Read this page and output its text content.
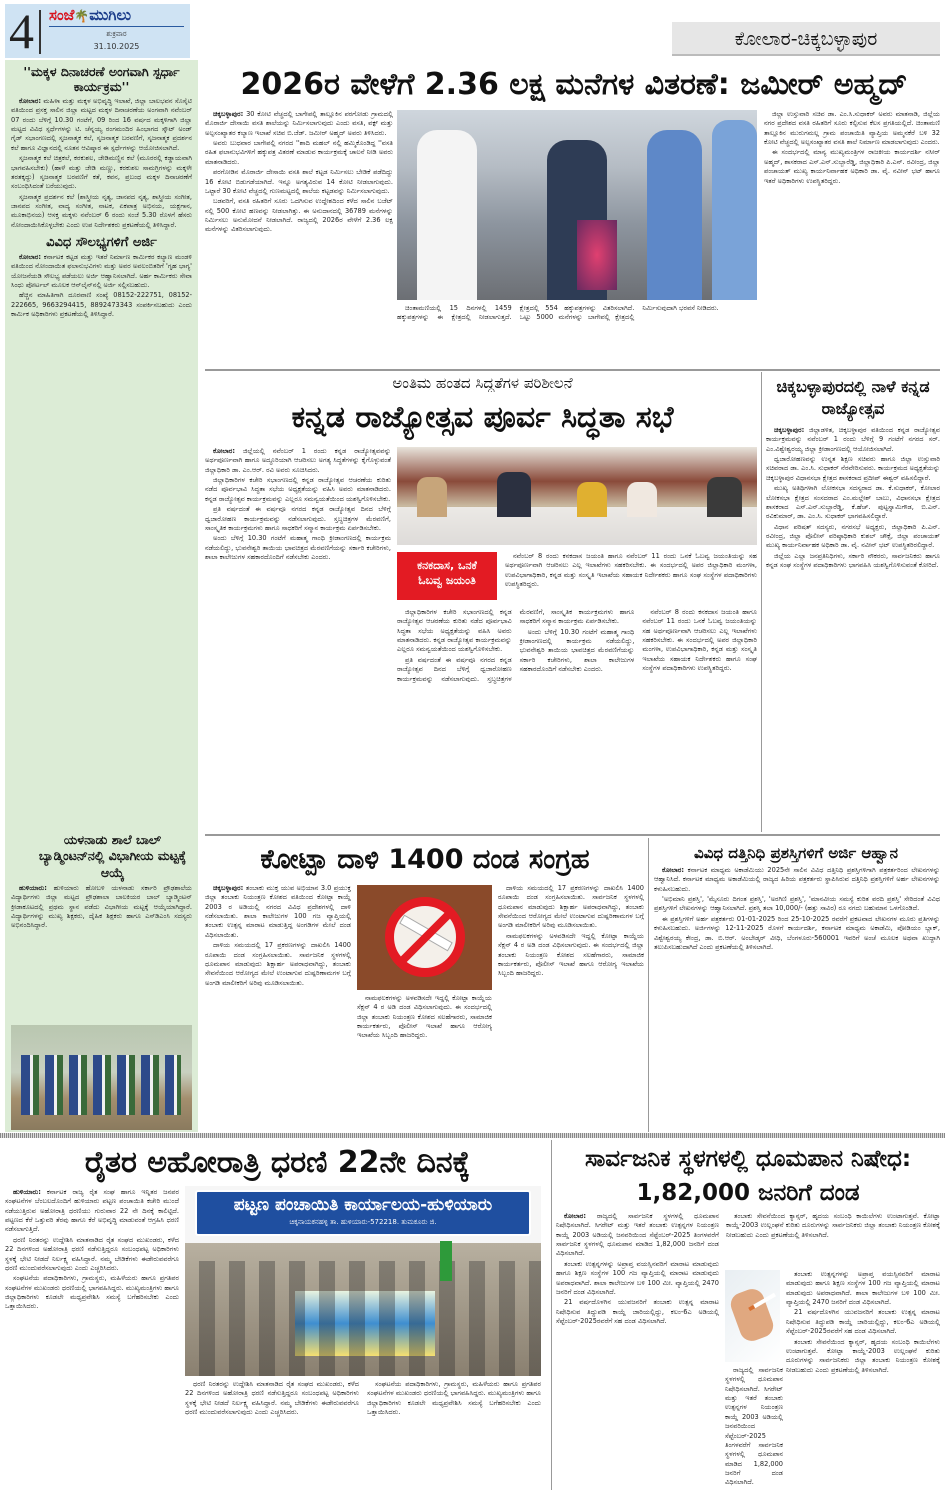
4 ಸಂಜೆ🌴ಮುಗಿಲು
ಶುಕ್ರವಾರ
31.10.2025	ಕೋಲಾರ-ಚಿಕ್ಕಬಳ್ಳಾಪುರ
''ಮಕ್ಕಳ ದಿನಾಚರಣೆ ಅಂಗವಾಗಿ ಸ್ಪರ್ಧಾ ಕಾರ್ಯಕ್ರಮ''

ಕೋಲಾರ: ಮಹಿಳಾ ಮತ್ತು ಮಕ್ಕಳ ಅಭಿವೃದ್ಧಿ ಇಲಾಖೆ, ಜಿಲ್ಲಾ ಬಾಲಭವನ ಸೊಸೈಟಿ ವತಿಯಿಂದ ಪ್ರಸಕ್ತ ಸಾಲಿನ ಜಿಲ್ಲಾ ಮಟ್ಟದ ಮಕ್ಕಳ ದಿನಾಚರಣೆಯ ಅಂಗವಾಗಿ ನವೆಂಬರ್ 07 ರಂದು ಬೆಳಿಗ್ಗೆ 10.30 ಗಂಟೆಗೆ, 09 ರಿಂದ 16 ವರ್ಷದ ಮಕ್ಕಳಿಗಾಗಿ ಜಿಲ್ಲಾ ಮಟ್ಟದ ವಿವಿಧ ಸ್ಪರ್ಧೆಗಳನ್ನು ಟಿ. ಚೆನ್ನಯ್ಯ ರಂಗಮಂದಿರ ಹಿಂಭಾಗದ ಸ್ಕೌಟ್ ಅಂಡ್ ಗೈಡ್ ಸಭಾಂಗಣದಲ್ಲಿ ಸೃಜನಾತ್ಮಕ ಕಲೆ, ಸೃಜನಾತ್ಮಕ ಬರವಣಿಗೆ, ಸೃಜನಾತ್ಮಕ ಪ್ರದರ್ಶನ ಕಲೆ ಹಾಗೂ ವಿಜ್ಞಾನದಲ್ಲಿ ನೂತನ ಆವಿಷ್ಕಾರ ಈ ಸ್ಪರ್ಧೆಗಳನ್ನು ಆಯೋಜಿಸಲಾಗಿದೆ.

ಸೃಜನಾತ್ಮಕ ಕಲೆ ಚಿತ್ರಕಲೆ, ಕರಕುಶಲ, ಜೇಡಿಮಣ್ಣಿನ ಕಲೆ (ಮೂರರಲ್ಲಿ ಕಡ್ಡಾಯವಾಗಿ ಭಾಗವಹಿಸಬೇಕು) (ಹಾಳೆ ಮತ್ತು ಜೇಡಿ ಮಣ್ಣು, ಕರಕುಶಲ ಸಾಮಗ್ರಿಗಳನ್ನು ಮಕ್ಕಳೇ ತರತಕ್ಕದ್ದು) ಸೃಜನಾತ್ಮಕ ಬರವಣಿಗೆ ಕತೆ, ಕವನ, ಪ್ರಬಂಧ ಮಕ್ಕಳ ದಿನಾಚರಣೆಗೆ ಸಂಬಂಧಿಸಿದಂತೆ ಬರೆಯುವುದು.

ಸೃಜನಾತ್ಮಕ ಪ್ರದರ್ಶನ ಕಲೆ (ಶಾಸ್ತ್ರೀಯ ನೃತ್ಯ, ಜಾನಪದ ನೃತ್ಯ, ಶಾಸ್ತ್ರೀಯ ಸಂಗೀತ, ಜಾನಪದ ಸಂಗೀತ, ವಾದ್ಯ ಸಂಗೀತ, ನಾಟಕ, ಏಕಪಾತ್ರ ಅಭಿನಯ, ಯಕ್ಷಗಾನ, ಮೂಕಾಭಿನಯ) ಆಸಕ್ತ ಮಕ್ಕಳು ನವೆಂಬರ್ 6 ರಂದು ಸಂಜೆ 5.30 ರೊಳಗೆ ಹೆಸರು ನೋಂದಾಯಿಸಿಕೊಳ್ಳಬೇಕು ಎಂದು ಉಪ ನಿರ್ದೇಶಕರು ಪ್ರಕಟಣೆಯಲ್ಲಿ ತಿಳಿಸಿದ್ದಾರೆ.

ವಿವಿಧ ಸೌಲಭ್ಯಗಳಿಗೆ ಅರ್ಜಿ

ಕೋಲಾರ: ಕರ್ನಾಟಕ ಕಟ್ಟಡ ಮತ್ತು ಇತರೆ ನಿರ್ಮಾಣ ಕಾರ್ಮಿಕರ ಕಲ್ಯಾಣ ಮಂಡಳಿ ವತಿಯಿಂದ ನೋಂದಾಯಿತ ಫಲಾನುಭವಿಗಳು ಮತ್ತು ಅವರ ಅವಲಂಬಿತರಿಗೆ 'ಗೃಹ ಭಾಗ್ಯ' ಯೋಜನೆಯಡಿ ಸೌಲಭ್ಯ ಪಡೆಯಲು ಅರ್ಜಿ ಆಹ್ವಾನಿಸಲಾಗಿದೆ. ಅರ್ಹ ಕಾರ್ಮಿಕರು ಸೇವಾ ಸಿಂಧು ಪೋರ್ಟಲ್ ಮೂಲಕ ಆನ್‌ಲೈನ್‌ನಲ್ಲಿ ಅರ್ಜಿ ಸಲ್ಲಿಸಬಹುದು.

ಹೆಚ್ಚಿನ ಮಾಹಿತಿಗಾಗಿ ದೂರವಾಣಿ ಸಂಖ್ಯೆ 08152-222751, 08152-222665, 9663294415, 8892473343 ಸಂಪರ್ಕಿಸಬಹುದು ಎಂದು ಕಾರ್ಮಿಕ ಅಧಿಕಾರಿಗಳು ಪ್ರಕಟಣೆಯಲ್ಲಿ ತಿಳಿಸಿದ್ದಾರೆ.

ಯಳನಾಡು ಶಾಲೆ ಬಾಲ್ ಬ್ಯಾಡ್ಮಿಂಟನ್‌ನಲ್ಲಿ ವಿಭಾಗೀಯ ಮಟ್ಟಕ್ಕೆ ಆಯ್ಕೆ

ಹುಳಿಯಾರು: ಹುಳಿಯಾರು ಹೋಬಳಿ ಯಳನಾಡು ಸರ್ಕಾರಿ ಪ್ರೌಢಶಾಲೆಯ ವಿದ್ಯಾರ್ಥಿಗಳು ಜಿಲ್ಲಾ ಮಟ್ಟದ ಪ್ರೌಢಶಾಲಾ ಬಾಲಕಿಯರ ಬಾಲ್ ಬ್ಯಾಡ್ಮಿಂಟನ್ ಕ್ರೀಡಾಕೂಟದಲ್ಲಿ ಪ್ರಥಮ ಸ್ಥಾನ ಪಡೆದು ವಿಭಾಗೀಯ ಮಟ್ಟಕ್ಕೆ ಆಯ್ಕೆಯಾಗಿದ್ದಾರೆ. ವಿದ್ಯಾರ್ಥಿಗಳನ್ನು ಮುಖ್ಯ ಶಿಕ್ಷಕರು, ದೈಹಿಕ ಶಿಕ್ಷಕರು ಹಾಗೂ ಎಸ್‌ಡಿಎಂಸಿ ಸದಸ್ಯರು ಅಭಿನಂದಿಸಿದ್ದಾರೆ.

2026ರ ವೇಳೆಗೆ 2.36 ಲಕ್ಷ ಮನೆಗಳ ವಿತರಣೆ: ಜಮೀರ್ ಅಹ್ಮದ್

ಚಿಕ್ಕಬಳ್ಳಾಪುರ: 30 ಕೋಟಿ ವೆಚ್ಚದಲ್ಲಿ ಬಾಗೇಪಲ್ಲಿ ತಾಲ್ಲೂಕಿನ ಪರಗೋಡು ಗ್ರಾಮದಲ್ಲಿ ಮೊರಾರ್ಜಿ ದೇಸಾಯಿ ವಸತಿ ಶಾಲೆಯನ್ನು ನಿರ್ಮಿಸಲಾಗುವುದು ಎಂದು ವಸತಿ, ವಕ್ಫ್ ಮತ್ತು ಅಲ್ಪಸಂಖ್ಯಾತರ ಕಲ್ಯಾಣ ಇಲಾಖೆ ಸಚಿವ ಬಿ.ಜೆಡ್. ಜಮೀರ್ ಅಹ್ಮದ್ ಅವರು ತಿಳಿಸಿದರು.

ಅವರು ಬುಧವಾರ ಬಾಗೇಪಲ್ಲಿ ನಗರದ ''ಶಾದಿ ಮಹಲ್ ನಲ್ಲಿ ಹಮ್ಮಿಕೊಂಡಿದ್ದ ''ವಸತಿ ರಹಿತ ಫಲಾನುಭವಿಗಳಿಗೆ ಹಕ್ಕುಪತ್ರ ವಿತರಣೆ ಮಾಡುವ ಕಾರ್ಯಕ್ರಮಕ್ಕೆ ಚಾಲನೆ ನೀಡಿ ಅವರು ಮಾತನಾಡಿದರು.

ಪರಗೋಡಿನ ಮೊರಾರ್ಜಿ ದೇಸಾಯಿ ವಸತಿ ಶಾಲೆ ಕಟ್ಟಡ ನಿರ್ಮಿಸಲು ಬೇಡಿಕೆ ಪಡೆದಿದ್ದು 16 ಕೋಟಿ ಬಿಡುಗಡೆಯಾಗಿದೆ. ಇನ್ನೂ ಅಗತ್ಯವಿರುವ 14 ಕೋಟಿ ನೀಡಲಾಗುವುದು. ಒಟ್ಟಾರೆ 30 ಕೋಟಿ ವೆಚ್ಚದಲ್ಲಿ ಗುಣಮಟ್ಟದಲ್ಲಿ ಶಾಲೆಯ ಕಟ್ಟಡವನ್ನು ನಿರ್ಮಿಸಲಾಗುವುದು.

ಬಡವರಿಗೆ, ವಸತಿ ರಹಿತರಿಗೆ ಸೂರು ಒದಗಿಸುವ ಉದ್ದೇಶದಿಂದ ಕಳೆದ ಸಾಲಿನ ಬಜೆಟ್ ನಲ್ಲಿ 500 ಕೋಟಿ ಹಣವನ್ನು ನೀಡಲಾಗಿತ್ತು. ಈ ಅನುದಾನದಲ್ಲಿ 36789 ಮನೆಗಳನ್ನು ನಿರ್ಮಿಸಲು ಅನುಮೋದನೆ ನೀಡಲಾಗಿದೆ. ರಾಜ್ಯದಲ್ಲಿ 2026ರ ವೇಳೆಗೆ 2.36 ಲಕ್ಷ ಮನೆಗಳನ್ನು ವಿತರಿಸಲಾಗುವುದು.

ಚಿಂತಾಮಣಿಯಲ್ಲಿ 15 ದಿನಗಳಲ್ಲಿ 1459 ಹಕ್ಕುಪತ್ರಗಳನ್ನು ಈ ಕ್ಷೇತ್ರದಲ್ಲಿ ನೀಡಲಾಗುತ್ತದೆ. ಕ್ಷೇತ್ರದಲ್ಲಿ 554 ಹಕ್ಕುಪತ್ರಗಳನ್ನು ವಿತರಿಸಲಾಗಿದೆ. ಒಟ್ಟು 5000 ಮನೆಗಳನ್ನು ಬಾಗೇಪಲ್ಲಿ ಕ್ಷೇತ್ರದಲ್ಲಿ ನಿರ್ಮಿಸುವುದಾಗಿ ಭರವಸೆ ನೀಡಿದರು.

ಜಿಲ್ಲಾ ಉಸ್ತುವಾರಿ ಸಚಿವ ಡಾ. ಎಂ.ಸಿ.ಸುಧಾಕರ್ ಅವರು ಮಾತನಾಡಿ, ಜಿಲ್ಲೆಯ ನಗರ ಪ್ರದೇಶದ ವಸತಿ ರಹಿತರಿಗೆ ಸೂರು ಕಲ್ಪಿಸುವ ಕೆಲಸ ಪ್ರಗತಿಯಲ್ಲಿದೆ. ಚಿಂತಾಮಣಿ ತಾಲ್ಲೂಕಿನ ಮುರುಗಮಲ್ಲ ಗ್ರಾಮ ಪಂಚಾಯಿತಿ ವ್ಯಾಪ್ತಿಯ ಅಮ್ಮನಕೆರೆ ಬಳಿ 32 ಕೋಟಿ ವೆಚ್ಚದಲ್ಲಿ ಅಲ್ಪಸಂಖ್ಯಾತರ ವಸತಿ ಶಾಲೆ ನಿರ್ಮಾಣ ಮಾಡಲಾಗುವುದು ಎಂದರು.

ಈ ಸಂದರ್ಭದಲ್ಲಿ ಮಾನ್ಯ ಮುಖ್ಯಮಂತ್ರಿಗಳ ರಾಜಕೀಯ ಕಾರ್ಯದರ್ಶಿ ನಸೀರ್ ಅಹ್ಮದ್, ಶಾಸಕರಾದ ಎಸ್.ಎನ್.ಸುಬ್ಬಾರೆಡ್ಡಿ, ಜಿಲ್ಲಾಧಿಕಾರಿ ಪಿ.ಎನ್. ರವೀಂದ್ರ, ಜಿಲ್ಲಾ ಪಂಚಾಯತ್ ಮುಖ್ಯ ಕಾರ್ಯನಿರ್ವಾಹಕ ಅಧಿಕಾರಿ ಡಾ. ವೈ. ನವೀನ್ ಭಟ್ ಹಾಗೂ ಇತರೆ ಅಧಿಕಾರಿಗಳು ಉಪಸ್ಥಿತರಿದ್ದರು.

ಅಂತಿಮ ಹಂತದ ಸಿದ್ಧತೆಗಳ ಪರಿಶೀಲನೆ
ಕನ್ನಡ ರಾಜ್ಯೋತ್ಸವ ಪೂರ್ವ ಸಿದ್ಧತಾ ಸಭೆ

ಕೋಲಾರ: ಜಿಲ್ಲೆಯಲ್ಲಿ ನವೆಂಬರ್ 1 ರಂದು ಕನ್ನಡ ರಾಜ್ಯೋತ್ಸವವನ್ನು ಅರ್ಥಪೂರ್ಣವಾಗಿ ಹಾಗೂ ಅದ್ಧೂರಿಯಾಗಿ ಆಚರಿಸಲು ಅಗತ್ಯ ಸಿದ್ಧತೆಗಳನ್ನು ಕೈಗೊಳ್ಳುವಂತೆ ಜಿಲ್ಲಾಧಿಕಾರಿ ಡಾ. ಎಂ.ಆರ್. ರವಿ ಅವರು ಸೂಚಿಸಿದರು.

ಜಿಲ್ಲಾಧಿಕಾರಿಗಳ ಕಚೇರಿ ಸಭಾಂಗಣದಲ್ಲಿ ಕನ್ನಡ ರಾಜ್ಯೋತ್ಸವ ಆಚರಣೆಯ ಕುರಿತು ನಡೆದ ಪೂರ್ವಭಾವಿ ಸಿದ್ಧತಾ ಸಭೆಯ ಅಧ್ಯಕ್ಷತೆಯನ್ನು ವಹಿಸಿ ಅವರು ಮಾತನಾಡಿದರು. ಕನ್ನಡ ರಾಜ್ಯೋತ್ಸವ ಕಾರ್ಯಕ್ರಮವನ್ನು ಎಲ್ಲರೂ ಸಮನ್ವಯತೆಯಿಂದ ಯಶಸ್ವಿಗೊಳಿಸಬೇಕು.

ಪ್ರತಿ ವರ್ಷದಂತೆ ಈ ವರ್ಷವೂ ನಗರದ ಕನ್ನಡ ರಾಜ್ಯೋತ್ಸವ ದಿನದ ಬೆಳಿಗ್ಗೆ ಧ್ವಜಾರೋಹಣ ಕಾರ್ಯಕ್ರಮವನ್ನು ನಡೆಸಲಾಗುವುದು. ಸ್ತಬ್ಧಚಿತ್ರಗಳ ಮೆರವಣಿಗೆ, ಸಾಂಸ್ಕೃತಿಕ ಕಾರ್ಯಕ್ರಮಗಳು ಹಾಗೂ ಸಾಧಕರಿಗೆ ಸನ್ಮಾನ ಕಾರ್ಯಕ್ರಮ ಏರ್ಪಡಿಸಬೇಕು.

ಅಂದು ಬೆಳಿಗ್ಗೆ 10.30 ಗಂಟೆಗೆ ಮಹಾತ್ಮ ಗಾಂಧಿ ಕ್ರೀಡಾಂಗಣದಲ್ಲಿ ಕಾರ್ಯಕ್ರಮ ನಡೆಯಲಿದ್ದು, ಭುವನೇಶ್ವರಿ ತಾಯಿಯ ಭಾವಚಿತ್ರದ ಮೆರವಣಿಗೆಯನ್ನು ಸರ್ಕಾರಿ ಕಚೇರಿಗಳು, ಶಾಲಾ ಕಾಲೇಜುಗಳ ಸಹಕಾರದೊಂದಿಗೆ ನಡೆಸಬೇಕು ಎಂದರು.

ಕನಕದಾಸ, ಒನಕೆ ಓಬವ್ವ ಜಯಂತಿ

ನವೆಂಬರ್ 8 ರಂದು ಕನಕದಾಸ ಜಯಂತಿ ಹಾಗೂ ನವೆಂಬರ್ 11 ರಂದು ಒನಕೆ ಓಬವ್ವ ಜಯಂತಿಯನ್ನು ಸಹ ಅರ್ಥಪೂರ್ಣವಾಗಿ ಆಚರಿಸಲು ಎಲ್ಲ ಇಲಾಖೆಗಳು ಸಹಕರಿಸಬೇಕು. ಈ ಸಂದರ್ಭದಲ್ಲಿ ಅಪರ ಜಿಲ್ಲಾಧಿಕಾರಿ ಮಂಗಳಾ, ಉಪವಿಭಾಗಾಧಿಕಾರಿ, ಕನ್ನಡ ಮತ್ತು ಸಂಸ್ಕೃತಿ ಇಲಾಖೆಯ ಸಹಾಯಕ ನಿರ್ದೇಶಕರು ಹಾಗೂ ಸಂಘ ಸಂಸ್ಥೆಗಳ ಪದಾಧಿಕಾರಿಗಳು ಉಪಸ್ಥಿತರಿದ್ದರು.

ಜಿಲ್ಲಾಧಿಕಾರಿಗಳ ಕಚೇರಿ ಸಭಾಂಗಣದಲ್ಲಿ ಕನ್ನಡ ರಾಜ್ಯೋತ್ಸವ ಆಚರಣೆಯ ಕುರಿತು ನಡೆದ ಪೂರ್ವಭಾವಿ ಸಿದ್ಧತಾ ಸಭೆಯ ಅಧ್ಯಕ್ಷತೆಯನ್ನು ವಹಿಸಿ ಅವರು ಮಾತನಾಡಿದರು. ಕನ್ನಡ ರಾಜ್ಯೋತ್ಸವ ಕಾರ್ಯಕ್ರಮವನ್ನು ಎಲ್ಲರೂ ಸಮನ್ವಯತೆಯಿಂದ ಯಶಸ್ವಿಗೊಳಿಸಬೇಕು.

ಪ್ರತಿ ವರ್ಷದಂತೆ ಈ ವರ್ಷವೂ ನಗರದ ಕನ್ನಡ ರಾಜ್ಯೋತ್ಸವ ದಿನದ ಬೆಳಿಗ್ಗೆ ಧ್ವಜಾರೋಹಣ ಕಾರ್ಯಕ್ರಮವನ್ನು ನಡೆಸಲಾಗುವುದು. ಸ್ತಬ್ಧಚಿತ್ರಗಳ ಮೆರವಣಿಗೆ, ಸಾಂಸ್ಕೃತಿಕ ಕಾರ್ಯಕ್ರಮಗಳು ಹಾಗೂ ಸಾಧಕರಿಗೆ ಸನ್ಮಾನ ಕಾರ್ಯಕ್ರಮ ಏರ್ಪಡಿಸಬೇಕು.

ಅಂದು ಬೆಳಿಗ್ಗೆ 10.30 ಗಂಟೆಗೆ ಮಹಾತ್ಮ ಗಾಂಧಿ ಕ್ರೀಡಾಂಗಣದಲ್ಲಿ ಕಾರ್ಯಕ್ರಮ ನಡೆಯಲಿದ್ದು, ಭುವನೇಶ್ವರಿ ತಾಯಿಯ ಭಾವಚಿತ್ರದ ಮೆರವಣಿಗೆಯನ್ನು ಸರ್ಕಾರಿ ಕಚೇರಿಗಳು, ಶಾಲಾ ಕಾಲೇಜುಗಳ ಸಹಕಾರದೊಂದಿಗೆ ನಡೆಸಬೇಕು ಎಂದರು.

ನವೆಂಬರ್ 8 ರಂದು ಕನಕದಾಸ ಜಯಂತಿ ಹಾಗೂ ನವೆಂಬರ್ 11 ರಂದು ಒನಕೆ ಓಬವ್ವ ಜಯಂತಿಯನ್ನು ಸಹ ಅರ್ಥಪೂರ್ಣವಾಗಿ ಆಚರಿಸಲು ಎಲ್ಲ ಇಲಾಖೆಗಳು ಸಹಕರಿಸಬೇಕು. ಈ ಸಂದರ್ಭದಲ್ಲಿ ಅಪರ ಜಿಲ್ಲಾಧಿಕಾರಿ ಮಂಗಳಾ, ಉಪವಿಭಾಗಾಧಿಕಾರಿ, ಕನ್ನಡ ಮತ್ತು ಸಂಸ್ಕೃತಿ ಇಲಾಖೆಯ ಸಹಾಯಕ ನಿರ್ದೇಶಕರು ಹಾಗೂ ಸಂಘ ಸಂಸ್ಥೆಗಳ ಪದಾಧಿಕಾರಿಗಳು ಉಪಸ್ಥಿತರಿದ್ದರು.

ಚಿಕ್ಕಬಳ್ಳಾಪುರದಲ್ಲಿ ನಾಳೆ ಕನ್ನಡ ರಾಜ್ಯೋತ್ಸವ

ಚಿಕ್ಕಬಳ್ಳಾಪುರ: ಜಿಲ್ಲಾಡಳಿತ, ಚಿಕ್ಕಬಳ್ಳಾಪುರ ವತಿಯಿಂದ ಕನ್ನಡ ರಾಜ್ಯೋತ್ಸವ ಕಾರ್ಯಕ್ರಮವನ್ನು ನವೆಂಬರ್ 1 ರಂದು ಬೆಳಿಗ್ಗೆ 9 ಗಂಟೆಗೆ ನಗರದ ಸರ್. ಎಂ.ವಿಶ್ವೇಶ್ವರಯ್ಯ ಜಿಲ್ಲಾ ಕ್ರೀಡಾಂಗಣದಲ್ಲಿ ಆಯೋಜಿಸಲಾಗಿದೆ.

ಧ್ವಜಾರೋಹಣವನ್ನು ಉನ್ನತ ಶಿಕ್ಷಣ ಸಚಿವರು ಹಾಗೂ ಜಿಲ್ಲಾ ಉಸ್ತುವಾರಿ ಸಚಿವರಾದ ಡಾ. ಎಂ.ಸಿ. ಸುಧಾಕರ್ ನೆರವೇರಿಸುವರು. ಕಾರ್ಯಕ್ರಮದ ಅಧ್ಯಕ್ಷತೆಯನ್ನು ಚಿಕ್ಕಬಳ್ಳಾಪುರ ವಿಧಾನಸಭಾ ಕ್ಷೇತ್ರದ ಶಾಸಕರಾದ ಪ್ರದೀಪ್ ಈಶ್ವರ್ ವಹಿಸಲಿದ್ದಾರೆ.

ಮುಖ್ಯ ಅತಿಥಿಗಳಾಗಿ ಲೋಕಸಭಾ ಸದಸ್ಯರಾದ ಡಾ. ಕೆ.ಸುಧಾಕರ್, ಕೋಲಾರ ಲೋಕಸಭಾ ಕ್ಷೇತ್ರದ ಸಂಸದರಾದ ಎಂ.ಮಲ್ಲೇಶ್ ಬಾಬು, ವಿಧಾನಸಭಾ ಕ್ಷೇತ್ರದ ಶಾಸಕರಾದ ಎಸ್.ಎನ್.ಸುಬ್ಬಾರೆಡ್ಡಿ, ಕೆ.ಹೆಚ್. ಪುಟ್ಟಸ್ವಾಮಿಗೌಡ, ಬಿ.ಎನ್. ರವಿಕುಮಾರ್, ಡಾ. ಎಂ.ಸಿ. ಸುಧಾಕರ್ ಭಾಗವಹಿಸಲಿದ್ದಾರೆ.

ವಿಧಾನ ಪರಿಷತ್ ಸದಸ್ಯರು, ನಗರಸಭೆ ಅಧ್ಯಕ್ಷರು, ಜಿಲ್ಲಾಧಿಕಾರಿ ಪಿ.ಎನ್. ರವೀಂದ್ರ, ಜಿಲ್ಲಾ ಪೊಲೀಸ್ ವರಿಷ್ಠಾಧಿಕಾರಿ ಕುಶಲ್ ಚೌಕ್ಸೆ, ಜಿಲ್ಲಾ ಪಂಚಾಯತ್ ಮುಖ್ಯ ಕಾರ್ಯನಿರ್ವಾಹಕ ಅಧಿಕಾರಿ ಡಾ. ವೈ. ನವೀನ್ ಭಟ್ ಉಪಸ್ಥಿತರಿರಲಿದ್ದಾರೆ.

ಜಿಲ್ಲೆಯ ಎಲ್ಲಾ ಜನಪ್ರತಿನಿಧಿಗಳು, ಸರ್ಕಾರಿ ನೌಕರರು, ಸಾರ್ವಜನಿಕರು ಹಾಗೂ ಕನ್ನಡ ಸಂಘ ಸಂಸ್ಥೆಗಳ ಪದಾಧಿಕಾರಿಗಳು ಭಾಗವಹಿಸಿ ಯಶಸ್ವಿಗೊಳಿಸುವಂತೆ ಕೋರಿದೆ.

ಕೋಟ್ಪಾ ದಾಳಿ 1400 ದಂಡ ಸಂಗ್ರಹ

ಚಿಕ್ಕಬಳ್ಳಾಪುರ: ತಂಬಾಕು ಮುಕ್ತ ಯುವ ಅಭಿಯಾನ 3.0 ಪ್ರಯುಕ್ತ ಜಿಲ್ಲಾ ತಂಬಾಕು ನಿಯಂತ್ರಣ ಕೋಶದ ವತಿಯಿಂದ ಕೋಟ್ಪಾ ಕಾಯ್ದೆ 2003 ರ ಅಡಿಯಲ್ಲಿ ನಗರದ ವಿವಿಧ ಪ್ರದೇಶಗಳಲ್ಲಿ ದಾಳಿ ನಡೆಸಲಾಯಿತು. ಶಾಲಾ ಕಾಲೇಜುಗಳ 100 ಗಜ ವ್ಯಾಪ್ತಿಯಲ್ಲಿ ತಂಬಾಕು ಉತ್ಪನ್ನ ಮಾರಾಟ ಮಾಡುತ್ತಿದ್ದ ಅಂಗಡಿಗಳ ಮೇಲೆ ದಂಡ ವಿಧಿಸಲಾಯಿತು.

ದಾಳಿಯ ಸಮಯದಲ್ಲಿ 17 ಪ್ರಕರಣಗಳನ್ನು ದಾಖಲಿಸಿ 1400 ರೂಪಾಯಿ ದಂಡ ಸಂಗ್ರಹಿಸಲಾಯಿತು. ಸಾರ್ವಜನಿಕ ಸ್ಥಳಗಳಲ್ಲಿ ಧೂಮಪಾನ ಮಾಡುವುದು ಶಿಕ್ಷಾರ್ಹ ಅಪರಾಧವಾಗಿದ್ದು, ತಂಬಾಕು ಸೇವನೆಯಿಂದ ಆರೋಗ್ಯದ ಮೇಲೆ ಉಂಟಾಗುವ ದುಷ್ಪರಿಣಾಮಗಳ ಬಗ್ಗೆ ಅಂಗಡಿ ಮಾಲೀಕರಿಗೆ ಅರಿವು ಮೂಡಿಸಲಾಯಿತು.

ನಾಮಫಲಕಗಳನ್ನು ಅಳವಡಿಸದೇ ಇದ್ದಲ್ಲಿ ಕೋಟ್ಪಾ ಕಾಯ್ದೆಯ ಸೆಕ್ಷನ್ 4 ರ ಅಡಿ ದಂಡ ವಿಧಿಸಲಾಗುವುದು. ಈ ಸಂದರ್ಭದಲ್ಲಿ ಜಿಲ್ಲಾ ತಂಬಾಕು ನಿಯಂತ್ರಣ ಕೋಶದ ಸಲಹೆಗಾರರು, ಸಾಮಾಜಿಕ ಕಾರ್ಯಕರ್ತರು, ಪೊಲೀಸ್ ಇಲಾಖೆ ಹಾಗೂ ಆರೋಗ್ಯ ಇಲಾಖೆಯ ಸಿಬ್ಬಂದಿ ಹಾಜರಿದ್ದರು.

ದಾಳಿಯ ಸಮಯದಲ್ಲಿ 17 ಪ್ರಕರಣಗಳನ್ನು ದಾಖಲಿಸಿ 1400 ರೂಪಾಯಿ ದಂಡ ಸಂಗ್ರಹಿಸಲಾಯಿತು. ಸಾರ್ವಜನಿಕ ಸ್ಥಳಗಳಲ್ಲಿ ಧೂಮಪಾನ ಮಾಡುವುದು ಶಿಕ್ಷಾರ್ಹ ಅಪರಾಧವಾಗಿದ್ದು, ತಂಬಾಕು ಸೇವನೆಯಿಂದ ಆರೋಗ್ಯದ ಮೇಲೆ ಉಂಟಾಗುವ ದುಷ್ಪರಿಣಾಮಗಳ ಬಗ್ಗೆ ಅಂಗಡಿ ಮಾಲೀಕರಿಗೆ ಅರಿವು ಮೂಡಿಸಲಾಯಿತು.

ನಾಮಫಲಕಗಳನ್ನು ಅಳವಡಿಸದೇ ಇದ್ದಲ್ಲಿ ಕೋಟ್ಪಾ ಕಾಯ್ದೆಯ ಸೆಕ್ಷನ್ 4 ರ ಅಡಿ ದಂಡ ವಿಧಿಸಲಾಗುವುದು. ಈ ಸಂದರ್ಭದಲ್ಲಿ ಜಿಲ್ಲಾ ತಂಬಾಕು ನಿಯಂತ್ರಣ ಕೋಶದ ಸಲಹೆಗಾರರು, ಸಾಮಾಜಿಕ ಕಾರ್ಯಕರ್ತರು, ಪೊಲೀಸ್ ಇಲಾಖೆ ಹಾಗೂ ಆರೋಗ್ಯ ಇಲಾಖೆಯ ಸಿಬ್ಬಂದಿ ಹಾಜರಿದ್ದರು.

ವಿವಿಧ ದತ್ತಿನಿಧಿ ಪ್ರಶಸ್ತಿಗಳಿಗೆ ಅರ್ಜಿ ಆಹ್ವಾನ

ಕೋಲಾರ: ಕರ್ನಾಟಕ ಮಾಧ್ಯಮ ಅಕಾಡೆಮಿಯು 2025ನೇ ಸಾಲಿನ ವಿವಿಧ ದತ್ತಿನಿಧಿ ಪ್ರಶಸ್ತಿಗಳಿಗಾಗಿ ಪತ್ರಕರ್ತರಿಂದ ಲೇಖನಗಳನ್ನು ಆಹ್ವಾನಿಸಿದೆ. ಕರ್ನಾಟಕ ಮಾಧ್ಯಮ ಅಕಾಡೆಮಿಯಲ್ಲಿ ರಾಜ್ಯದ ಹಿರಿಯ ಪತ್ರಕರ್ತರು ಸ್ಥಾಪಿಸಿರುವ ದತ್ತಿನಿಧಿ ಪ್ರಶಸ್ತಿಗಳಿಗೆ ಅರ್ಹ ಲೇಖನಗಳನ್ನು ಕಳುಹಿಸಬಹುದು.

'ಅಭಿಮಾನಿ ಪ್ರಶಸ್ತಿ', 'ಮೈಸೂರು ದಿಗಂತ ಪ್ರಶಸ್ತಿ', 'ಅರಗಿಣಿ ಪ್ರಶಸ್ತಿ', 'ಮಾನವೀಯ ಸಮಸ್ಯೆ ಕುರಿತ ವರದಿ ಪ್ರಶಸ್ತಿ' ಸೇರಿದಂತೆ ವಿವಿಧ ಪ್ರಶಸ್ತಿಗಳಿಗೆ ಲೇಖನಗಳನ್ನು ಆಹ್ವಾನಿಸಲಾಗಿದೆ. ಪ್ರಶಸ್ತಿ ತಲಾ 10,000/- (ಹತ್ತು ಸಾವಿರ) ರೂ ನಗದು ಬಹುಮಾನ ಒಳಗೊಂಡಿದೆ.

ಈ ಪ್ರಶಸ್ತಿಗಳಿಗೆ ಅರ್ಹ ಪತ್ರಕರ್ತರು 01-01-2025 ರಿಂದ 25-10-2025 ರವರೆಗೆ ಪ್ರಕಟವಾದ ಲೇಖನಗಳ ಮೂರು ಪ್ರತಿಗಳನ್ನು ಕಳುಹಿಸಬಹುದು. ಅರ್ಜಿಗಳನ್ನು 12-11-2025 ರೊಳಗೆ ಕಾರ್ಯದರ್ಶಿ, ಕರ್ನಾಟಕ ಮಾಧ್ಯಮ ಅಕಾಡೆಮಿ, ಪೋಡಿಯಂ ಬ್ಲಾಕ್, ವಿಶ್ವೇಶ್ವರಯ್ಯ ಕೇಂದ್ರ, ಡಾ. ಬಿ.ಆರ್. ಅಂಬೇಡ್ಕರ್ ವೀಧಿ, ಬೆಂಗಳೂರು-560001 ಇವರಿಗೆ ಅಂಚೆ ಮೂಲಕ ಅಥವಾ ಖುದ್ದಾಗಿ ತಲುಪಿಸಬಹುದಾಗಿದೆ ಎಂದು ಪ್ರಕಟಣೆಯಲ್ಲಿ ತಿಳಿಸಲಾಗಿದೆ.

ರೈತರ ಅಹೋರಾತ್ರಿ ಧರಣಿ 22ನೇ ದಿನಕ್ಕೆ

ಹುಳಿಯಾರು: ಕರ್ನಾಟಕ ರಾಜ್ಯ ರೈತ ಸಂಘ ಹಾಗೂ ಇನ್ನಿತರ ಜನಪರ ಸಂಘಟನೆಗಳ ಬೆಂಬಲದೊಂದಿಗೆ ಹುಳಿಯಾರು ಪಟ್ಟಣ ಪಂಚಾಯಿತಿ ಕಚೇರಿ ಮುಂದೆ ನಡೆಯುತ್ತಿರುವ ಅಹೋರಾತ್ರಿ ಧರಣಿಯು ಗುರುವಾರ 22 ನೇ ದಿನಕ್ಕೆ ಕಾಲಿಟ್ಟಿದೆ. ಪಟ್ಟಣದ ಕೆರೆ ಒತ್ತುವರಿ ತೆರವು ಹಾಗೂ ಕೆರೆ ಅಭಿವೃದ್ಧಿ ಮಾಡುವಂತೆ ಆಗ್ರಹಿಸಿ ಧರಣಿ ನಡೆಸಲಾಗುತ್ತಿದೆ.

ಧರಣಿ ನಿರತರನ್ನು ಉದ್ದೇಶಿಸಿ ಮಾತನಾಡಿದ ರೈತ ಸಂಘದ ಮುಖಂಡರು, ಕಳೆದ 22 ದಿನಗಳಿಂದ ಅಹೋರಾತ್ರಿ ಧರಣಿ ನಡೆಸುತ್ತಿದ್ದರೂ ಸಂಬಂಧಪಟ್ಟ ಅಧಿಕಾರಿಗಳು ಸ್ಥಳಕ್ಕೆ ಭೇಟಿ ನೀಡದೆ ನಿರ್ಲಕ್ಷ್ಯ ವಹಿಸಿದ್ದಾರೆ. ನಮ್ಮ ಬೇಡಿಕೆಗಳು ಈಡೇರುವವರೆಗೂ ಧರಣಿ ಮುಂದುವರೆಸಲಾಗುವುದು ಎಂದು ಎಚ್ಚರಿಸಿದರು.

ಸಂಘಟನೆಯ ಪದಾಧಿಕಾರಿಗಳು, ಗ್ರಾಮಸ್ಥರು, ಮಹಿಳೆಯರು ಹಾಗೂ ಪ್ರಗತಿಪರ ಸಂಘಟನೆಗಳ ಮುಖಂಡರು ಧರಣಿಯಲ್ಲಿ ಭಾಗವಹಿಸಿದ್ದರು. ಮುಖ್ಯಮಂತ್ರಿಗಳು ಹಾಗೂ ಜಿಲ್ಲಾಧಿಕಾರಿಗಳು ಕೂಡಲೇ ಮಧ್ಯಪ್ರವೇಶಿಸಿ ಸಮಸ್ಯೆ ಬಗೆಹರಿಸಬೇಕು ಎಂದು ಒತ್ತಾಯಿಸಿದರು.

ಪಟ್ಟಣ ಪಂಚಾಯಿತಿ ಕಾರ್ಯಾಲಯ-ಹುಳಿಯಾರು
ಚಿಕ್ಕನಾಯಕನಹಳ್ಳಿ ತಾ. ಹುಳಿಯಾರು-572218. ತುಮಕೂರು ಜಿ.

ಧರಣಿ ನಿರತರನ್ನು ಉದ್ದೇಶಿಸಿ ಮಾತನಾಡಿದ ರೈತ ಸಂಘದ ಮುಖಂಡರು, ಕಳೆದ 22 ದಿನಗಳಿಂದ ಅಹೋರಾತ್ರಿ ಧರಣಿ ನಡೆಸುತ್ತಿದ್ದರೂ ಸಂಬಂಧಪಟ್ಟ ಅಧಿಕಾರಿಗಳು ಸ್ಥಳಕ್ಕೆ ಭೇಟಿ ನೀಡದೆ ನಿರ್ಲಕ್ಷ್ಯ ವಹಿಸಿದ್ದಾರೆ. ನಮ್ಮ ಬೇಡಿಕೆಗಳು ಈಡೇರುವವರೆಗೂ ಧರಣಿ ಮುಂದುವರೆಸಲಾಗುವುದು ಎಂದು ಎಚ್ಚರಿಸಿದರು.

ಸಂಘಟನೆಯ ಪದಾಧಿಕಾರಿಗಳು, ಗ್ರಾಮಸ್ಥರು, ಮಹಿಳೆಯರು ಹಾಗೂ ಪ್ರಗತಿಪರ ಸಂಘಟನೆಗಳ ಮುಖಂಡರು ಧರಣಿಯಲ್ಲಿ ಭಾಗವಹಿಸಿದ್ದರು. ಮುಖ್ಯಮಂತ್ರಿಗಳು ಹಾಗೂ ಜಿಲ್ಲಾಧಿಕಾರಿಗಳು ಕೂಡಲೇ ಮಧ್ಯಪ್ರವೇಶಿಸಿ ಸಮಸ್ಯೆ ಬಗೆಹರಿಸಬೇಕು ಎಂದು ಒತ್ತಾಯಿಸಿದರು.

ಸಾರ್ವಜನಿಕ ಸ್ಥಳಗಳಲ್ಲಿ ಧೂಮಪಾನ ನಿಷೇಧ: 1,82,000 ಜನರಿಗೆ ದಂಡ

ಕೋಲಾರ: ರಾಜ್ಯದಲ್ಲಿ ಸಾರ್ವಜನಿಕ ಸ್ಥಳಗಳಲ್ಲಿ ಧೂಮಪಾನ ನಿಷೇಧಿಸಲಾಗಿದೆ. ಸಿಗರೇಟ್ ಮತ್ತು ಇತರೆ ತಂಬಾಕು ಉತ್ಪನ್ನಗಳ ನಿಯಂತ್ರಣ ಕಾಯ್ದೆ 2003 ಅಡಿಯಲ್ಲಿ ಜನವರಿಯಿಂದ ಸೆಪ್ಟೆಂಬರ್-2025 ತಿಂಗಳವರೆಗೆ ಸಾರ್ವಜನಿಕ ಸ್ಥಳಗಳಲ್ಲಿ ಧೂಮಪಾನ ಮಾಡಿದ 1,82,000 ಜನರಿಗೆ ದಂಡ ವಿಧಿಸಲಾಗಿದೆ.

ತಂಬಾಕು ಉತ್ಪನ್ನಗಳನ್ನು ಅಪ್ರಾಪ್ತ ವಯಸ್ಸಿನವರಿಗೆ ಮಾರಾಟ ಮಾಡುವುದು ಹಾಗೂ ಶಿಕ್ಷಣ ಸಂಸ್ಥೆಗಳ 100 ಗಜ ವ್ಯಾಪ್ತಿಯಲ್ಲಿ ಮಾರಾಟ ಮಾಡುವುದು ಅಪರಾಧವಾಗಿದೆ. ಶಾಲಾ ಕಾಲೇಜುಗಳ ಬಳಿ 100 ಮೀ. ವ್ಯಾಪ್ತಿಯಲ್ಲಿ 2470 ಜನರಿಗೆ ದಂಡ ವಿಧಿಸಲಾಗಿದೆ.

21 ವರ್ಷದೊಳಗಿನ ಯುವಜನರಿಗೆ ತಂಬಾಕು ಉತ್ಪನ್ನ ಮಾರಾಟ ನಿಷೇಧಿಸುವ ತಿದ್ದುಪಡಿ ಕಾಯ್ದೆ ಜಾರಿಯಲ್ಲಿದ್ದು, ಕಲಂ-6ಎ ಅಡಿಯಲ್ಲಿ ಸೆಪ್ಟೆಂಬರ್-2025ರವರೆಗೆ ಸಹ ದಂಡ ವಿಧಿಸಲಾಗಿದೆ.

ತಂಬಾಕು ಸೇವನೆಯಿಂದ ಕ್ಯಾನ್ಸರ್, ಹೃದಯ ಸಂಬಂಧಿ ಕಾಯಿಲೆಗಳು ಉಂಟಾಗುತ್ತವೆ. ಕೋಟ್ಪಾ ಕಾಯ್ದೆ-2003 ಉಲ್ಲಂಘನೆ ಕುರಿತು ದೂರುಗಳನ್ನು ಸಾರ್ವಜನಿಕರು ಜಿಲ್ಲಾ ತಂಬಾಕು ನಿಯಂತ್ರಣ ಕೋಶಕ್ಕೆ ನೀಡಬಹುದು ಎಂದು ಪ್ರಕಟಣೆಯಲ್ಲಿ ತಿಳಿಸಲಾಗಿದೆ.

ತಂಬಾಕು ಉತ್ಪನ್ನಗಳನ್ನು ಅಪ್ರಾಪ್ತ ವಯಸ್ಸಿನವರಿಗೆ ಮಾರಾಟ ಮಾಡುವುದು ಹಾಗೂ ಶಿಕ್ಷಣ ಸಂಸ್ಥೆಗಳ 100 ಗಜ ವ್ಯಾಪ್ತಿಯಲ್ಲಿ ಮಾರಾಟ ಮಾಡುವುದು ಅಪರಾಧವಾಗಿದೆ. ಶಾಲಾ ಕಾಲೇಜುಗಳ ಬಳಿ 100 ಮೀ. ವ್ಯಾಪ್ತಿಯಲ್ಲಿ 2470 ಜನರಿಗೆ ದಂಡ ವಿಧಿಸಲಾಗಿದೆ.

21 ವರ್ಷದೊಳಗಿನ ಯುವಜನರಿಗೆ ತಂಬಾಕು ಉತ್ಪನ್ನ ಮಾರಾಟ ನಿಷೇಧಿಸುವ ತಿದ್ದುಪಡಿ ಕಾಯ್ದೆ ಜಾರಿಯಲ್ಲಿದ್ದು, ಕಲಂ-6ಎ ಅಡಿಯಲ್ಲಿ ಸೆಪ್ಟೆಂಬರ್-2025ರವರೆಗೆ ಸಹ ದಂಡ ವಿಧಿಸಲಾಗಿದೆ.

ತಂಬಾಕು ಸೇವನೆಯಿಂದ ಕ್ಯಾನ್ಸರ್, ಹೃದಯ ಸಂಬಂಧಿ ಕಾಯಿಲೆಗಳು ಉಂಟಾಗುತ್ತವೆ. ಕೋಟ್ಪಾ ಕಾಯ್ದೆ-2003 ಉಲ್ಲಂಘನೆ ಕುರಿತು ದೂರುಗಳನ್ನು ಸಾರ್ವಜನಿಕರು ಜಿಲ್ಲಾ ತಂಬಾಕು ನಿಯಂತ್ರಣ ಕೋಶಕ್ಕೆ ನೀಡಬಹುದು ಎಂದು ಪ್ರಕಟಣೆಯಲ್ಲಿ ತಿಳಿಸಲಾಗಿದೆ.

ರಾಜ್ಯದಲ್ಲಿ ಸಾರ್ವಜನಿಕ ಸ್ಥಳಗಳಲ್ಲಿ ಧೂಮಪಾನ ನಿಷೇಧಿಸಲಾಗಿದೆ. ಸಿಗರೇಟ್ ಮತ್ತು ಇತರೆ ತಂಬಾಕು ಉತ್ಪನ್ನಗಳ ನಿಯಂತ್ರಣ ಕಾಯ್ದೆ 2003 ಅಡಿಯಲ್ಲಿ ಜನವರಿಯಿಂದ ಸೆಪ್ಟೆಂಬರ್-2025 ತಿಂಗಳವರೆಗೆ ಸಾರ್ವಜನಿಕ ಸ್ಥಳಗಳಲ್ಲಿ ಧೂಮಪಾನ ಮಾಡಿದ 1,82,000 ಜನರಿಗೆ ದಂಡ ವಿಧಿಸಲಾಗಿದೆ.
